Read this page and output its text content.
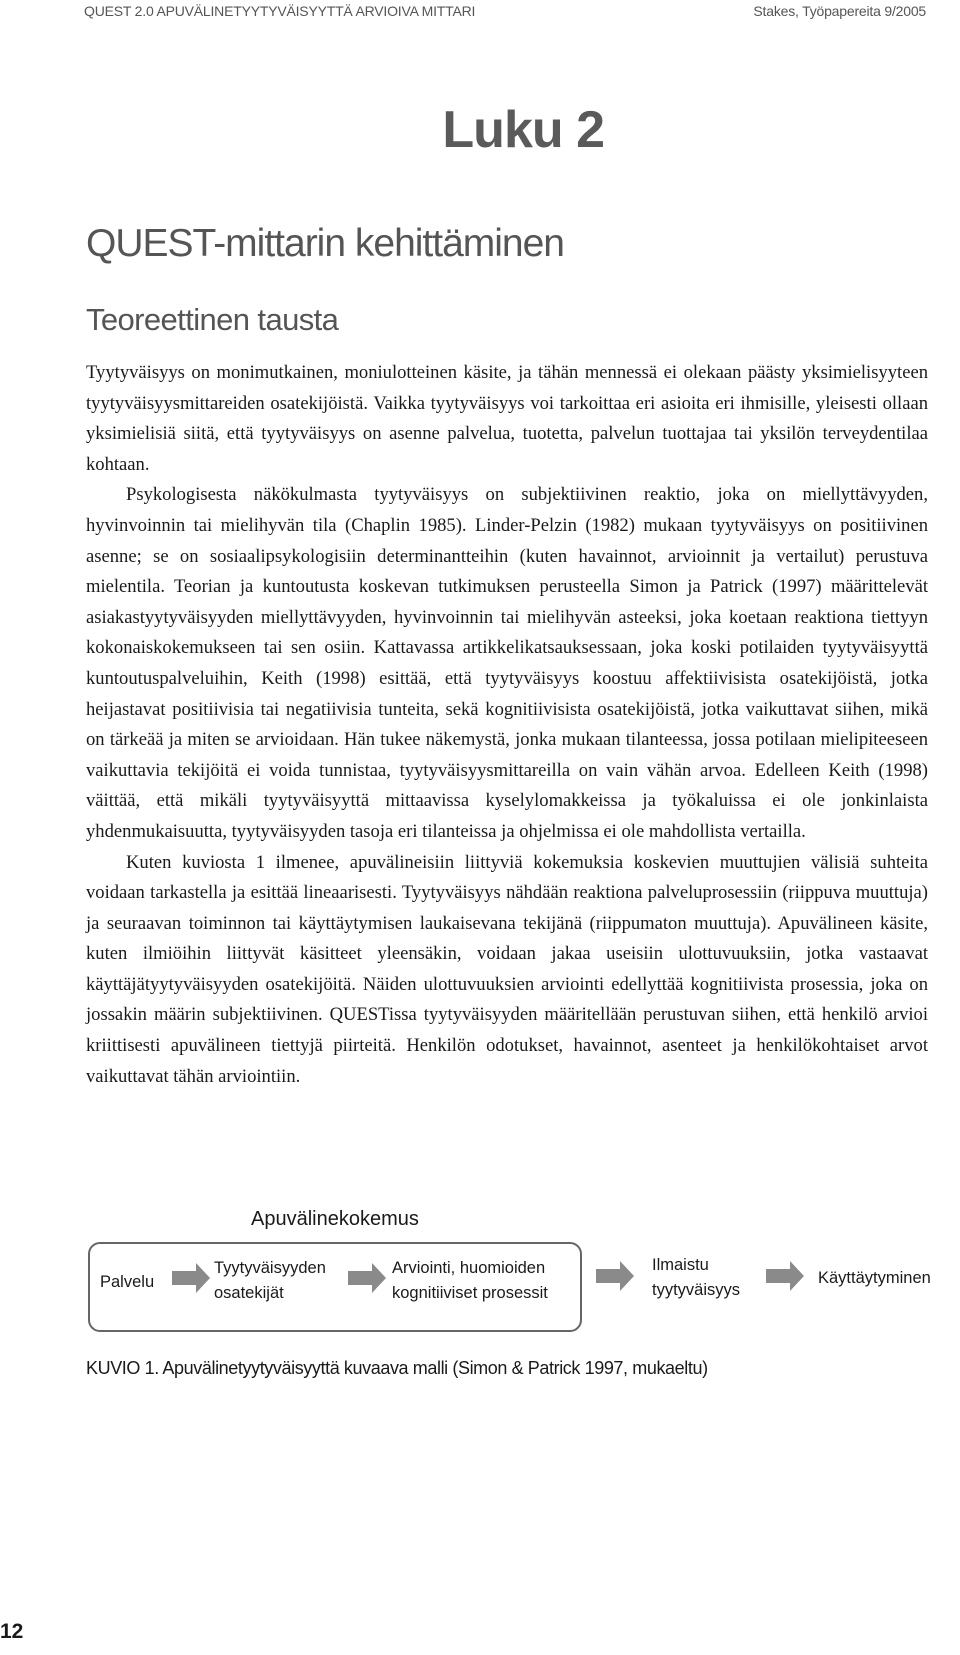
QUEST 2.0 APUVÄLINETYYTYVÄISYYTTÄ ARVIOIVA MITTARI	Stakes, Työpapereita 9/2005
Luku 2
QUEST-mittarin kehittäminen
Teoreettinen tausta

Tyytyväisyys on monimutkainen, moniulotteinen käsite, ja tähän mennessä ei olekaan päästy yksimielisyyteen tyytyväisyysmittareiden osatekijöistä. Vaikka tyytyväisyys voi tarkoittaa eri asioita eri ihmisille, yleisesti ollaan yksimielisiä siitä, että tyytyväisyys on asenne palvelua, tuotetta, palvelun tuottajaa tai yksilön terveydentilaa kohtaan.

Psykologisesta näkökulmasta tyytyväisyys on subjektiivinen reaktio, joka on miellyttävyyden, hyvinvoinnin tai mielihyvän tila (Chaplin 1985). Linder-Pelzin (1982) mukaan tyytyväisyys on positiivinen asenne; se on sosiaalipsykologisiin determinantteihin (kuten havainnot, arvioinnit ja vertailut) perustuva mielentila. Teorian ja kuntoutusta koskevan tutkimuksen perusteella Simon ja Patrick (1997) määrittelevät asiakastyytyväisyyden miellyttävyyden, hyvinvoinnin tai mielihyvän asteeksi, joka koetaan reaktiona tiettyyn kokonaiskokemukseen tai sen osiin. Kattavassa artikkelikatsauksessaan, joka koski potilaiden tyytyväisyyttä kuntoutuspalveluihin, Keith (1998) esittää, että tyytyväisyys koostuu affektiivisista osatekijöistä, jotka heijastavat positiivisia tai negatiivisia tunteita, sekä kognitiivisista osatekijöistä, jotka vaikuttavat siihen, mikä on tärkeää ja miten se arvioidaan. Hän tukee näkemystä, jonka mukaan tilanteessa, jossa potilaan mielipiteeseen vaikuttavia tekijöitä ei voida tunnistaa, tyytyväisyysmittareilla on vain vähän arvoa. Edelleen Keith (1998) väittää, että mikäli tyytyväisyyttä mittaavissa kyselylomakkeissa ja työkaluissa ei ole jonkinlaista yhdenmukaisuutta, tyytyväisyyden tasoja eri tilanteissa ja ohjelmissa ei ole mahdollista vertailla.

Kuten kuviosta 1 ilmenee, apuvälineisiin liittyviä kokemuksia koskevien muuttujien välisiä suhteita voidaan tarkastella ja esittää lineaarisesti. Tyytyväisyys nähdään reaktiona palveluprosessiin (riippuva muuttuja) ja seuraavan toiminnon tai käyttäytymisen laukaisevana tekijänä (riippumaton muuttuja). Apuvälineen käsite, kuten ilmiöihin liittyvät käsitteet yleensäkin, voidaan jakaa useisiin ulottuvuuksiin, jotka vastaavat käyttäjätyytyväisyyden osatekijöitä. Näiden ulottuvuuksien arviointi edellyttää kognitiivista prosessia, joka on jossakin määrin subjektiivinen. QUESTissa tyytyväisyyden määritellään perustuvan siihen, että henkilö arvioi kriittisesti apuvälineen tiettyjä piirteitä. Henkilön odotukset, havainnot, asenteet ja henkilökohtaiset arvot vaikuttavat tähän arviointiin.

Apuvälinekokemus
Palvelu
Tyytyväisyyden
osatekijät
Arviointi, huomioiden
kognitiiviset prosessit
Ilmaistu
tyytyväisyys
Käyttäytyminen
KUVIO 1. Apuvälinetyytyväisyyttä kuvaava malli (Simon & Patrick 1997, mukaeltu)
12
